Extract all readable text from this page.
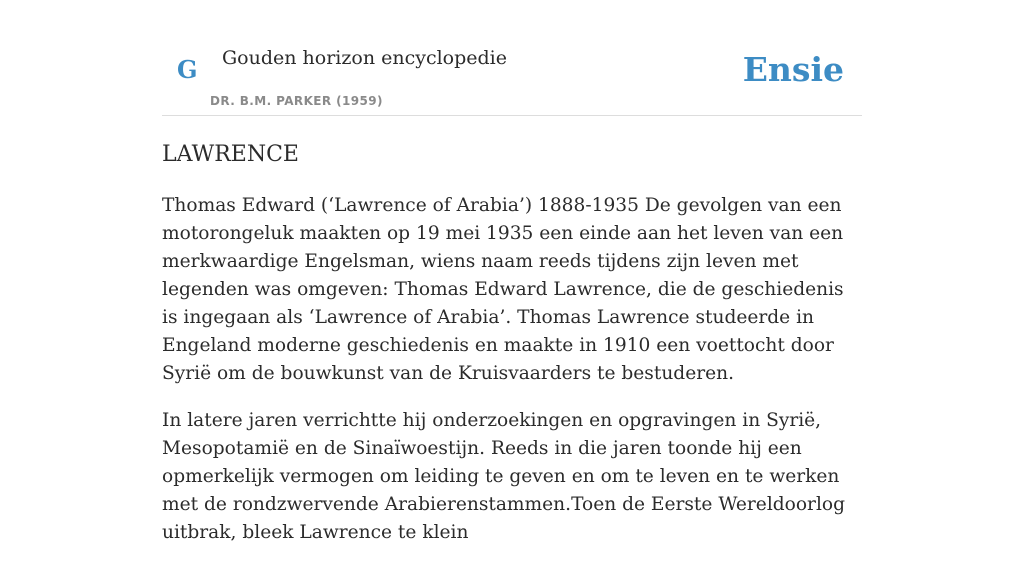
G Gouden horizon encyclopedie
DR. B.M. PARKER (1959)
Ensie
LAWRENCE

Thomas Edward (‘Lawrence of Arabia’) 1888-1935 De gevolgen van een motorongeluk maakten op 19 mei 1935 een einde aan het leven van een merkwaardige Engelsman, wiens naam reeds tijdens zijn leven met legenden was omgeven: Thomas Edward Lawrence, die de geschiedenis is ingegaan als ‘Lawrence of Arabia’. Thomas Lawrence studeerde in Engeland moderne geschiedenis en maakte in 1910 een voettocht door Syrië om de bouwkunst van de Kruisvaarders te bestuderen.

In latere jaren verrichtte hij onderzoekingen en opgravingen in Syrië, Mesopotamië en de Sinaïwoestijn. Reeds in die jaren toonde hij een opmerkelijk vermogen om leiding te geven en om te leven en te werken met de rondzwervende Arabierenstammen.Toen de Eerste Wereldoorlog uitbrak, bleek Lawrence te klein
